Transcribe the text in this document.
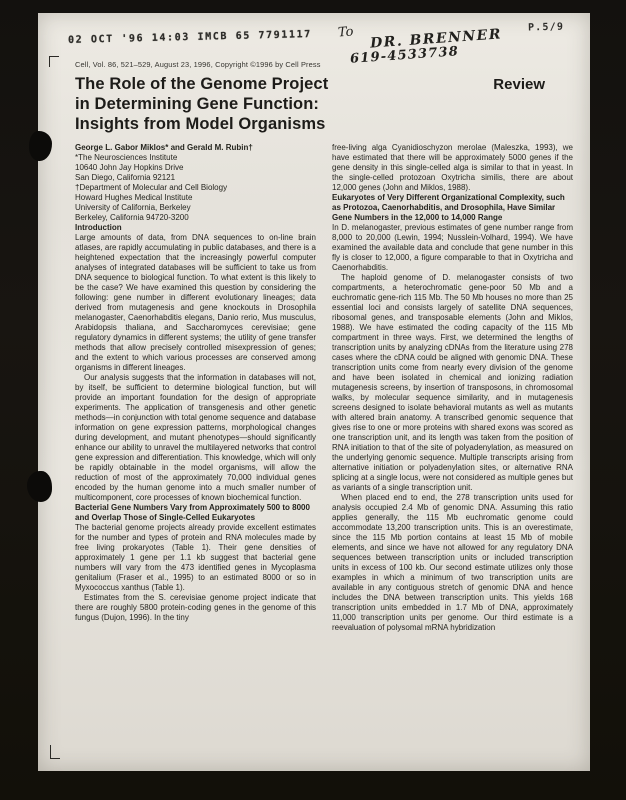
02 OCT '96 14:03 IMCB 65 7791117
P.5/9
To DR. BRENNER
619-4533738
Cell, Vol. 86, 521–529, August 23, 1996, Copyright ©1996 by Cell Press
The Role of the Genome Project
in Determining Gene Function:
Insights from Model Organisms
Review

George L. Gabor Miklos* and Gerald M. Rubin†

*The Neurosciences Institute

10640 John Jay Hopkins Drive

San Diego, California 92121

†Department of Molecular and Cell Biology

Howard Hughes Medical Institute

University of California, Berkeley

Berkeley, California 94720-3200

Introduction

Large amounts of data, from DNA sequences to on-line brain atlases, are rapidly accumulating in public databases, and there is a heightened expectation that the increasingly powerful computer analyses of integrated databases will be sufficient to take us from DNA sequence to biological function. To what extent is this likely to be the case? We have examined this question by considering the following: gene number in different evolutionary lineages; data derived from mutagenesis and gene knockouts in Drosophila melanogaster, Caenorhabditis elegans, Danio rerio, Mus musculus, Arabidopsis thaliana, and Saccharomyces cerevisiae; gene regulatory dynamics in different systems; the utility of gene transfer methods that allow precisely controlled misexpression of genes; and the extent to which various processes are conserved among organisms in different lineages.

Our analysis suggests that the information in databases will not, by itself, be sufficient to determine biological function, but will provide an important foundation for the design of appropriate experiments. The application of transgenesis and other genetic methods—in conjunction with total genome sequence and database information on gene expression patterns, morphological changes during development, and mutant phenotypes—should significantly enhance our ability to unravel the multilayered networks that control gene expression and differentiation. This knowledge, which will only be rapidly obtainable in the model organisms, will allow the reduction of most of the approximately 70,000 individual genes encoded by the human genome into a much smaller number of multicomponent, core processes of known biochemical function.

Bacterial Gene Numbers Vary from Approximately 500 to 8000 and Overlap Those of Single-Celled Eukaryotes

The bacterial genome projects already provide excellent estimates for the number and types of protein and RNA molecules made by free living prokaryotes (Table 1). Their gene densities of approximately 1 gene per 1.1 kb suggest that bacterial gene numbers will vary from the 473 identified genes in Mycoplasma genitalium (Fraser et al., 1995) to an estimated 8000 or so in Myxococcus xanthus (Table 1).

Estimates from the S. cerevisiae genome project indicate that there are roughly 5800 protein-coding genes in the genome of this fungus (Dujon, 1996). In the tiny

free-living alga Cyanidioschyzon merolae (Maleszka, 1993), we have estimated that there will be approximately 5000 genes if the gene density in this single-celled alga is similar to that in yeast. In the single-celled protozoan Oxytricha similis, there are about 12,000 genes (John and Miklos, 1988).

Eukaryotes of Very Different Organizational Complexity, such as Protozoa, Caenorhabditis, and Drosophila, Have Similar Gene Numbers in the 12,000 to 14,000 Range

In D. melanogaster, previous estimates of gene number range from 8,000 to 20,000 (Lewin, 1994; Nusslein-Volhard, 1994). We have examined the available data and conclude that gene number in this fly is closer to 12,000, a figure comparable to that in Oxytricha and Caenorhabditis.

The haploid genome of D. melanogaster consists of two compartments, a heterochromatic gene-poor 50 Mb and a euchromatic gene-rich 115 Mb. The 50 Mb houses no more than 25 essential loci and consists largely of satellite DNA sequences, ribosomal genes, and transposable elements (John and Miklos, 1988). We have estimated the coding capacity of the 115 Mb compartment in three ways. First, we determined the lengths of transcription units by analyzing cDNAs from the literature using 278 cases where the cDNA could be aligned with genomic DNA. These transcription units come from nearly every division of the genome and have been isolated in chemical and ionizing radiation mutagenesis screens, by insertion of transposons, in chromosomal walks, by molecular sequence similarity, and in mutagenesis screens designed to isolate behavioral mutants as well as mutants with altered brain anatomy. A transcribed genomic sequence that gives rise to one or more proteins with shared exons was scored as one transcription unit, and its length was taken from the position of RNA initiation to that of the site of polyadenylation, as measured on the underlying genomic sequence. Multiple transcripts arising from alternative initiation or polyadenylation sites, or alternative RNA splicing at a single locus, were not considered as multiple genes but as variants of a single transcription unit.

When placed end to end, the 278 transcription units used for analysis occupied 2.4 Mb of genomic DNA. Assuming this ratio applies generally, the 115 Mb euchromatic genome could accommodate 13,200 transcription units. This is an overestimate, since the 115 Mb portion contains at least 15 Mb of mobile elements, and since we have not allowed for any regulatory DNA sequences between transcription units or included transcription units in excess of 100 kb. Our second estimate utilizes only those examples in which a minimum of two transcription units are available in any contiguous stretch of genomic DNA and hence includes the DNA between transcription units. This yields 168 transcription units embedded in 1.7 Mb of DNA, approximately 11,000 transcription units per genome. Our third estimate is a reevaluation of polysomal mRNA hybridization
